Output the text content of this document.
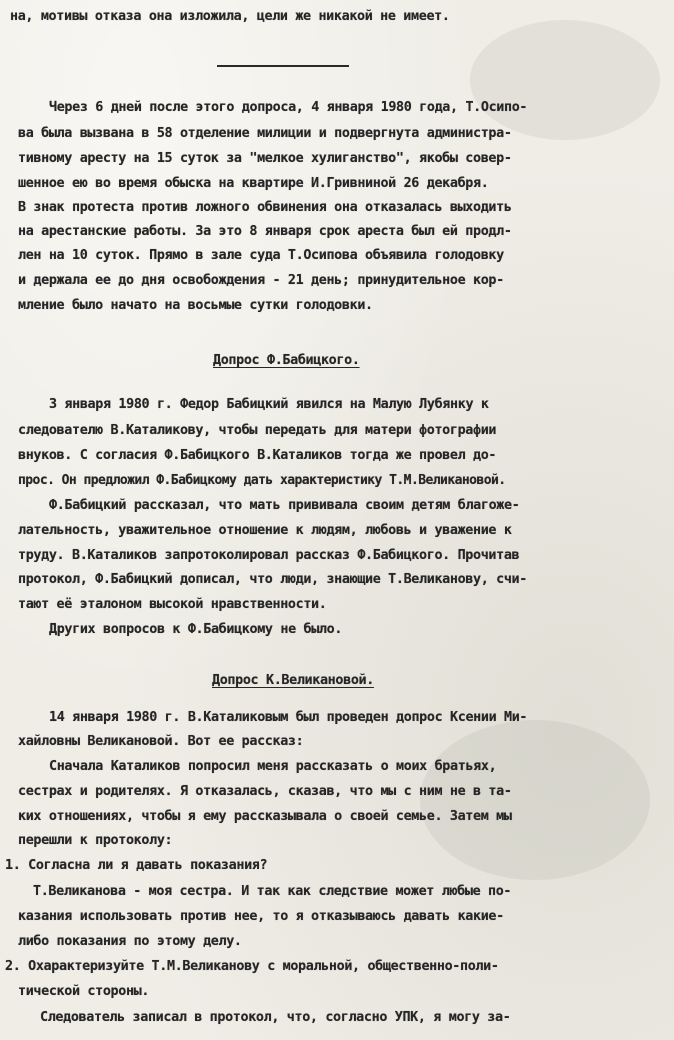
на, мотивы отказа она изложила, цели же никакой не имеет.
Через 6 дней после этого допроса, 4 января 1980 года, Т.Осипо-
ва была вызвана в 58 отделение милиции и подвергнута администра-
тивному аресту на 15 суток за "мелкое хулиганство", якобы совер-
шенное ею во время обыска на квартире И.Гривниной 26 декабря.
В знак протеста против ложного обвинения она отказалась выходить
на арестанские работы. За это 8 января срок ареста был ей продл-
лен на 10 суток. Прямо в зале суда Т.Осипова объявила голодовку
и держала ее до дня освобождения - 21 день; принудительное кор-
мление было начато на восьмые сутки голодовки.
Допрос Ф.Бабицкого.
3 января 1980 г. Федор Бабицкий явился на Малую Лубянку к
следователю В.Каталикову, чтобы передать для матери фотографии
внуков. С согласия Ф.Бабицкого В.Каталиков тогда же провел до-
прос. Он предложил Ф.Бабицкому дать характеристику Т.М.Великановой.
Ф.Бабицкий рассказал, что мать прививала своим детям благоже-
лательность, уважительное отношение к людям, любовь и уважение к
труду. В.Каталиков запротоколировал рассказ Ф.Бабицкого. Прочитав
протокол, Ф.Бабицкий дописал, что люди, знающие Т.Великанову, счи-
тают её эталоном высокой нравственности.
Других вопросов к Ф.Бабицкому не было.
Допрос К.Великановой.
14 января 1980 г. В.Каталиковым был проведен допрос Ксении Ми-
хайловны Великановой. Вот ее рассказ:
Сначала Каталиков попросил меня рассказать о моих братьях,
сестрах и родителях. Я отказалась, сказав, что мы с ним не в та-
ких отношениях, чтобы я ему рассказывала о своей семье. Затем мы
перешли к протоколу:
1. Согласна ли я давать показания?
Т.Великанова - моя сестра. И так как следствие может любые по-
казания использовать против нее, то я отказываюсь давать какие-
либо показания по этому делу.
2. Охарактеризуйте Т.М.Великанову с моральной, общественно-поли-
тической стороны.
Следователь записал в протокол, что, согласно УПК, я могу за-
